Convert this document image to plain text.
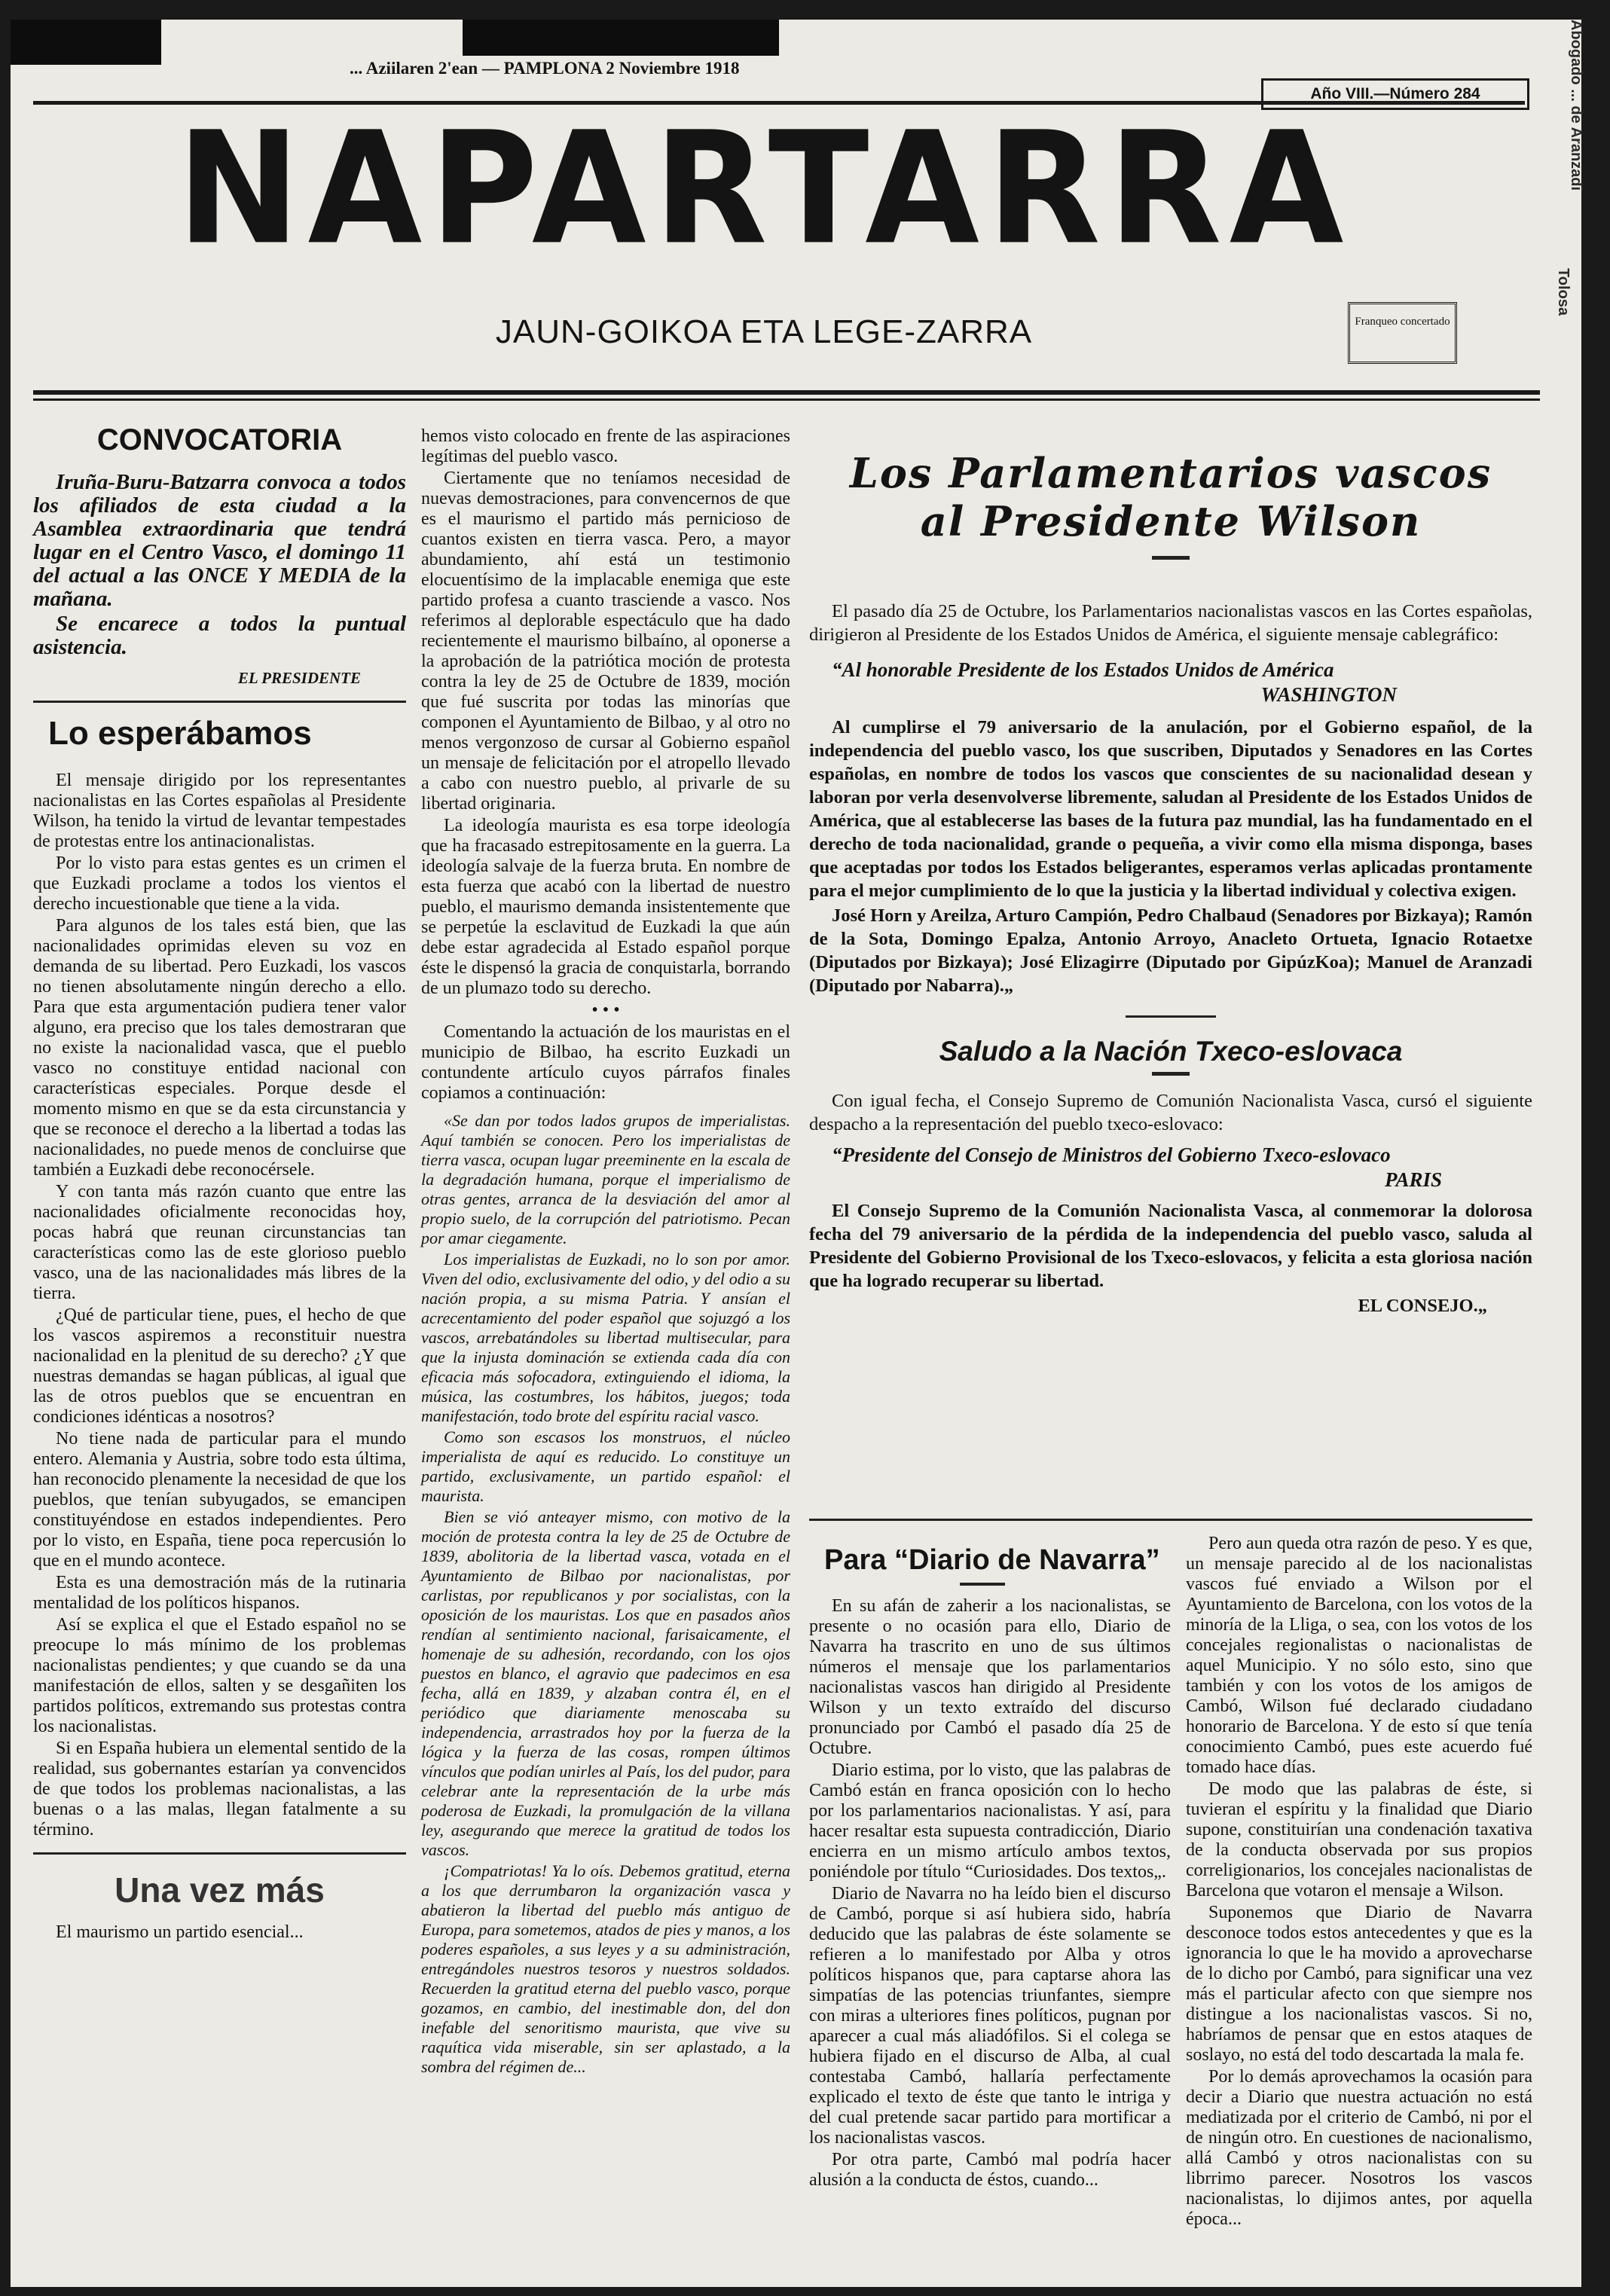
... Aziilaren 2'ean — PAMPLONA 2 Noviembre 1918
Año VIII.—Número 284	Abogado ... de Aranzadi
Tolosa
NAPARTARRA
JAUN-GOIKOA ETA LEGE-ZARRA	Franqueo concertado
CONVOCATORIA

Iruña-Buru-Batzarra convoca a todos los afiliados de esta ciudad a la Asamblea extraordinaria que tendrá lugar en el Centro Vasco, el domingo 11 del actual a las ONCE Y MEDIA de la mañana.

Se encarece a todos la puntual asistencia.

EL PRESIDENTE

Lo esperábamos

El mensaje dirigido por los representantes nacionalistas en las Cortes españolas al Presidente Wilson, ha tenido la virtud de levantar tempestades de protestas entre los antinacionalistas.

Por lo visto para estas gentes es un crimen el que Euzkadi proclame a todos los vientos el derecho incuestionable que tiene a la vida.

Para algunos de los tales está bien, que las nacionalidades oprimidas eleven su voz en demanda de su libertad. Pero Euzkadi, los vascos no tienen absolutamente ningún derecho a ello. Para que esta argumentación pudiera tener valor alguno, era preciso que los tales demostraran que no existe la nacionalidad vasca, que el pueblo vasco no constituye entidad nacional con características especiales. Porque desde el momento mismo en que se da esta circunstancia y que se reconoce el derecho a la libertad a todas las nacionalidades, no puede menos de concluirse que también a Euzkadi debe reconocérsele.

Y con tanta más razón cuanto que entre las nacionalidades oficialmente reconocidas hoy, pocas habrá que reunan circunstancias tan características como las de este glorioso pueblo vasco, una de las nacionalidades más libres de la tierra.

¿Qué de particular tiene, pues, el hecho de que los vascos aspiremos a reconstituir nuestra nacionalidad en la plenitud de su derecho? ¿Y que nuestras demandas se hagan públicas, al igual que las de otros pueblos que se encuentran en condiciones idénticas a nosotros?

No tiene nada de particular para el mundo entero. Alemania y Austria, sobre todo esta última, han reconocido plenamente la necesidad de que los pueblos, que tenían subyugados, se emancipen constituyéndose en estados independientes. Pero por lo visto, en España, tiene poca repercusión lo que en el mundo acontece.

Esta es una demostración más de la rutinaria mentalidad de los políticos hispanos.

Así se explica el que el Estado español no se preocupe lo más mínimo de los problemas nacionalistas pendientes; y que cuando se da una manifestación de ellos, salten y se desgañiten los partidos políticos, extremando sus protestas contra los nacionalistas.

Si en España hubiera un elemental sentido de la realidad, sus gobernantes estarían ya convencidos de que todos los problemas nacionalistas, a las buenas o a las malas, llegan fatalmente a su término.

Una vez más

El maurismo un partido esencial...

hemos visto colocado en frente de las aspiraciones legítimas del pueblo vasco.

Ciertamente que no teníamos necesidad de nuevas demostraciones, para convencernos de que es el maurismo el partido más pernicioso de cuantos existen en tierra vasca. Pero, a mayor abundamiento, ahí está un testimonio elocuentísimo de la implacable enemiga que este partido profesa a cuanto trasciende a vasco. Nos referimos al deplorable espectáculo que ha dado recientemente el maurismo bilbaíno, al oponerse a la aprobación de la patriótica moción de protesta contra la ley de 25 de Octubre de 1839, moción que fué suscrita por todas las minorías que componen el Ayuntamiento de Bilbao, y al otro no menos vergonzoso de cursar al Gobierno español un mensaje de felicitación por el atropello llevado a cabo con nuestro pueblo, al privarle de su libertad originaria.

La ideología maurista es esa torpe ideología que ha fracasado estrepitosamente en la guerra. La ideología salvaje de la fuerza bruta. En nombre de esta fuerza que acabó con la libertad de nuestro pueblo, el maurismo demanda insistentemente que se perpetúe la esclavitud de Euzkadi la que aún debe estar agradecida al Estado español porque éste le dispensó la gracia de conquistarla, borrando de un plumazo todo su derecho.

• • •

Comentando la actuación de los mauristas en el municipio de Bilbao, ha escrito Euzkadi un contundente artículo cuyos párrafos finales copiamos a continuación:

«Se dan por todos lados grupos de imperialistas. Aquí también se conocen. Pero los imperialistas de tierra vasca, ocupan lugar preeminente en la escala de la degradación humana, porque el imperialismo de otras gentes, arranca de la desviación del amor al propio suelo, de la corrupción del patriotismo. Pecan por amar ciegamente.

Los imperialistas de Euzkadi, no lo son por amor. Viven del odio, exclusivamente del odio, y del odio a su nación propia, a su misma Patria. Y ansían el acrecentamiento del poder español que sojuzgó a los vascos, arrebatándoles su libertad multisecular, para que la injusta dominación se extienda cada día con eficacia más sofocadora, extinguiendo el idioma, la música, las costumbres, los hábitos, juegos; toda manifestación, todo brote del espíritu racial vasco.

Como son escasos los monstruos, el núcleo imperialista de aquí es reducido. Lo constituye un partido, exclusivamente, un partido español: el maurista.

Bien se vió anteayer mismo, con motivo de la moción de protesta contra la ley de 25 de Octubre de 1839, abolitoria de la libertad vasca, votada en el Ayuntamiento de Bilbao por nacionalistas, por carlistas, por republicanos y por socialistas, con la oposición de los mauristas. Los que en pasados años rendían al sentimiento nacional, farisaicamente, el homenaje de su adhesión, recordando, con los ojos puestos en blanco, el agravio que padecimos en esa fecha, allá en 1839, y alzaban contra él, en el periódico que diariamente menoscaba su independencia, arrastrados hoy por la fuerza de la lógica y la fuerza de las cosas, rompen últimos vínculos que podían unirles al País, los del pudor, para celebrar ante la representación de la urbe más poderosa de Euzkadi, la promulgación de la villana ley, asegurando que merece la gratitud de todos los vascos.

¡Compatriotas! Ya lo oís. Debemos gratitud, eterna a los que derrumbaron la organización vasca y abatieron la libertad del pueblo más antiguo de Europa, para sometemos, atados de pies y manos, a los poderes españoles, a sus leyes y a su administración, entregándoles nuestros tesoros y nuestros soldados. Recuerden la gratitud eterna del pueblo vasco, porque gozamos, en cambio, del inestimable don, del don inefable del senoritismo maurista, que vive su raquítica vida miserable, sin ser aplastado, a la sombra del régimen de...

Los Parlamentarios vascos
al Presidente Wilson

El pasado día 25 de Octubre, los Parlamentarios nacionalistas vascos en las Cortes españolas, dirigieron al Presidente de los Estados Unidos de América, el siguiente mensaje cablegráfico:

“Al honorable Presidente de los Estados Unidos de América

WASHINGTON

Al cumplirse el 79 aniversario de la anulación, por el Gobierno español, de la independencia del pueblo vasco, los que suscriben, Diputados y Senadores en las Cortes españolas, en nombre de todos los vascos que conscientes de su nacionalidad desean y laboran por verla desenvolverse libremente, saludan al Presidente de los Estados Unidos de América, que al establecerse las bases de la futura paz mundial, las ha fundamentado en el derecho de toda nacionalidad, grande o pequeña, a vivir como ella misma disponga, bases que aceptadas por todos los Estados beligerantes, esperamos verlas aplicadas prontamente para el mejor cumplimiento de lo que la justicia y la libertad individual y colectiva exigen.

José Horn y Areilza, Arturo Campión, Pedro Chalbaud (Senadores por Bizkaya); Ramón de la Sota, Domingo Epalza, Antonio Arroyo, Anacleto Ortueta, Ignacio Rotaetxe (Diputados por Bizkaya); José Elizagirre (Diputado por GipúzKoa); Manuel de Aranzadi (Diputado por Nabarra).„

Saludo a la Nación Txeco-eslovaca

Con igual fecha, el Consejo Supremo de Comunión Nacionalista Vasca, cursó el siguiente despacho a la representación del pueblo txeco-eslovaco:

“Presidente del Consejo de Ministros del Gobierno Txeco-eslovaco

PARIS

El Consejo Supremo de la Comunión Nacionalista Vasca, al conmemorar la dolorosa fecha del 79 aniversario de la pérdida de la independencia del pueblo vasco, saluda al Presidente del Gobierno Provisional de los Txeco-eslovacos, y felicita a esta gloriosa nación que ha logrado recuperar su libertad.

EL CONSEJO.„

Para “Diario de Navarra”

En su afán de zaherir a los nacionalistas, se presente o no ocasión para ello, Diario de Navarra ha trascrito en uno de sus últimos números el mensaje que los parlamentarios nacionalistas vascos han dirigido al Presidente Wilson y un texto extraído del discurso pronunciado por Cambó el pasado día 25 de Octubre.

Diario estima, por lo visto, que las palabras de Cambó están en franca oposición con lo hecho por los parlamentarios nacionalistas. Y así, para hacer resaltar esta supuesta contradicción, Diario encierra en un mismo artículo ambos textos, poniéndole por título “Curiosidades. Dos textos„.

Diario de Navarra no ha leído bien el discurso de Cambó, porque si así hubiera sido, habría deducido que las palabras de éste solamente se refieren a lo manifestado por Alba y otros políticos hispanos que, para captarse ahora las simpatías de las potencias triunfantes, siempre con miras a ulteriores fines políticos, pugnan por aparecer a cual más aliadófilos. Si el colega se hubiera fijado en el discurso de Alba, al cual contestaba Cambó, hallaría perfectamente explicado el texto de éste que tanto le intriga y del cual pretende sacar partido para mortificar a los nacionalistas vascos.

Por otra parte, Cambó mal podría hacer alusión a la conducta de éstos, cuando...

Pero aun queda otra razón de peso. Y es que, un mensaje parecido al de los nacionalistas vascos fué enviado a Wilson por el Ayuntamiento de Barcelona, con los votos de la minoría de la Lliga, o sea, con los votos de los concejales regionalistas o nacionalistas de aquel Municipio. Y no sólo esto, sino que también y con los votos de los amigos de Cambó, Wilson fué declarado ciudadano honorario de Barcelona. Y de esto sí que tenía conocimiento Cambó, pues este acuerdo fué tomado hace días.

De modo que las palabras de éste, si tuvieran el espíritu y la finalidad que Diario supone, constituirían una condenación taxativa de la conducta observada por sus propios correligionarios, los concejales nacionalistas de Barcelona que votaron el mensaje a Wilson.

Suponemos que Diario de Navarra desconoce todos estos antecedentes y que es la ignorancia lo que le ha movido a aprovecharse de lo dicho por Cambó, para significar una vez más el particular afecto con que siempre nos distingue a los nacionalistas vascos. Si no, habríamos de pensar que en estos ataques de soslayo, no está del todo descartada la mala fe.

Por lo demás aprovechamos la ocasión para decir a Diario que nuestra actuación no está mediatizada por el criterio de Cambó, ni por el de ningún otro. En cuestiones de nacionalismo, allá Cambó y otros nacionalistas con su librrimo parecer. Nosotros los vascos nacionalistas, lo dijimos antes, por aquella época...
